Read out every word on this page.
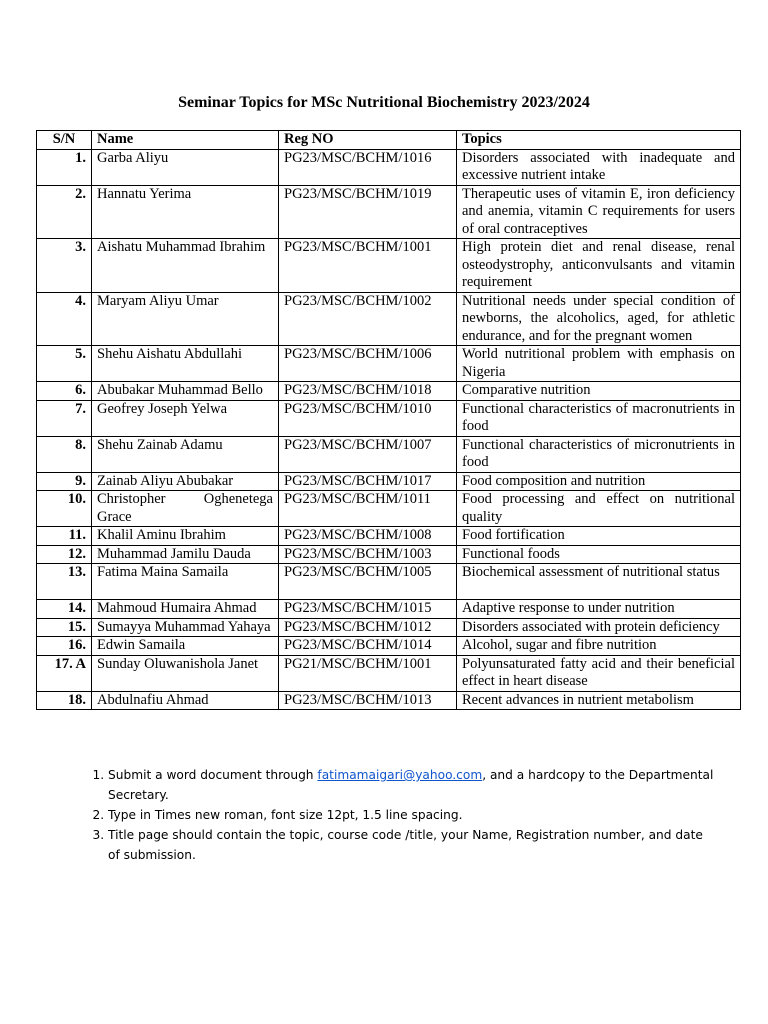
Seminar Topics for MSc Nutritional Biochemistry 2023/2024
S/N	Name	Reg NO	Topics
1.	Garba Aliyu	PG23/MSC/BCHM/1016	Disorders associated with inadequate and excessive nutrient intake
2.	Hannatu Yerima	PG23/MSC/BCHM/1019	Therapeutic uses of vitamin E, iron deficiency and anemia, vitamin C requirements for users of oral contraceptives
3.	Aishatu Muhammad Ibrahim	PG23/MSC/BCHM/1001	High protein diet and renal disease, renal osteodystrophy, anticonvulsants and vitamin requirement
4.	Maryam Aliyu Umar	PG23/MSC/BCHM/1002	Nutritional needs under special condition of newborns, the alcoholics, aged, for athletic endurance, and for the pregnant women
5.	Shehu Aishatu Abdullahi	PG23/MSC/BCHM/1006	World nutritional problem with emphasis on Nigeria
6.	Abubakar Muhammad Bello	PG23/MSC/BCHM/1018	Comparative nutrition
7.	Geofrey Joseph Yelwa	PG23/MSC/BCHM/1010	Functional characteristics of macronutrients in food
8.	Shehu Zainab Adamu	PG23/MSC/BCHM/1007	Functional characteristics of micronutrients in food
9.	Zainab Aliyu Abubakar	PG23/MSC/BCHM/1017	Food composition and nutrition
10.	Christopher Oghenetega Grace	PG23/MSC/BCHM/1011	Food processing and effect on nutritional quality
11.	Khalil Aminu Ibrahim	PG23/MSC/BCHM/1008	Food fortification
12.	Muhammad Jamilu Dauda	PG23/MSC/BCHM/1003	Functional foods
13.	Fatima Maina Samaila	PG23/MSC/BCHM/1005	Biochemical assessment of nutritional status
14.	Mahmoud Humaira Ahmad	PG23/MSC/BCHM/1015	Adaptive response to under nutrition
15.	Sumayya Muhammad Yahaya	PG23/MSC/BCHM/1012	Disorders associated with protein deficiency
16.	Edwin Samaila	PG23/MSC/BCHM/1014	Alcohol, sugar and fibre nutrition
17. A	Sunday Oluwanishola Janet	PG21/MSC/BCHM/1001	Polyunsaturated fatty acid and their beneficial effect in heart disease
18.	Abdulnafiu Ahmad	PG23/MSC/BCHM/1013	Recent advances in nutrient metabolism
1. Submit a word document through fatimamaigari@yahoo.com, and a hardcopy to the Departmental Secretary.
2. Type in Times new roman, font size 12pt, 1.5 line spacing.
3. Title page should contain the topic, course code /title, your Name, Registration number, and date of submission.
